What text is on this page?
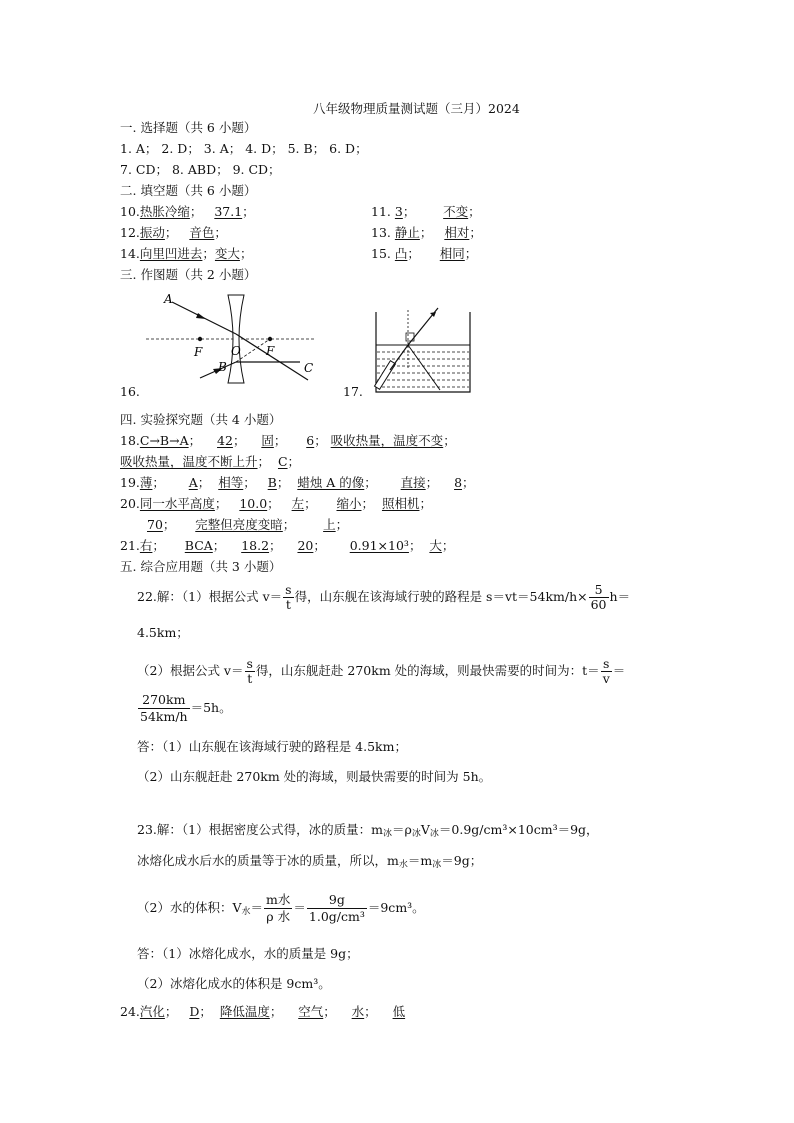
八年级物理质量测试题（三月）2024
一. 选择题（共 6 小题）
1. A； 2. D； 3. A； 4. D； 5. B； 6. D；
7. CD； 8. ABD； 9. CD；
二. 填空题（共 6 小题）
10.热胀冷缩；   37.1；	11. 3；       不变；
12.振动；   音色；	13. 静止；   相对；
14.向里凹进去；变大；	15. 凸；     相同；
三. 作图题（共 2 小题）
A
F O F
B	C
16.	17.
四. 实验探究题（共 4 小题）
18.C→B→A；    42；    固；     6； 吸收热量，温度不变；
吸收热量，温度不断上升；  C；
19.薄；      A；  相等；   B；  蜡烛 A 的像；      直接；    8；
20.同一水平高度；   10.0；   左；     缩小；  照相机；
70；     完整但亮度变暗；       上；
21.右；     BCA；    18.2；    20；      0.91×10³；  大；
五. 综合应用题（共 3 小题）
22.解：（1）根据公式 $v= \frac{s}{t}$ 得，山东舰在该海域行驶的路程是 $s=vt=54km/h\times \frac{5}{60} h=$
4.5km；
（2）根据公式 $v= \frac{s}{t}$ 得，山东舰赶赴 270km 处的海域，则最快需要的时间为：$t= \frac{s}{v}$ ＝
$\frac{270km}{54km/h} =5h$。
答：（1）山东舰在该海域行驶的路程是 4.5km；
（2）山东舰赶赴 270km 处的海域，则最快需要的时间为 5h。
23.解：（1）根据密度公式得，冰的质量：$m_冰=\rho_冰V_冰=0.9g/cm^3\times 10cm^3=9g$，
冰熔化成水后水的质量等于冰的质量，所以，$m_水=m_冰=9g$；
（2）水的体积：$V_水= \frac{\text{m水}}{\text{ρ 水}} = \frac{9g}{\text{1.0g/cm³}} =9cm^3$。
答：（1）冰熔化成水，水的质量是 9g；
（2）冰熔化成水的体积是 9cm³。
24.汽化；   D；  降低温度；    空气；    水；    低
